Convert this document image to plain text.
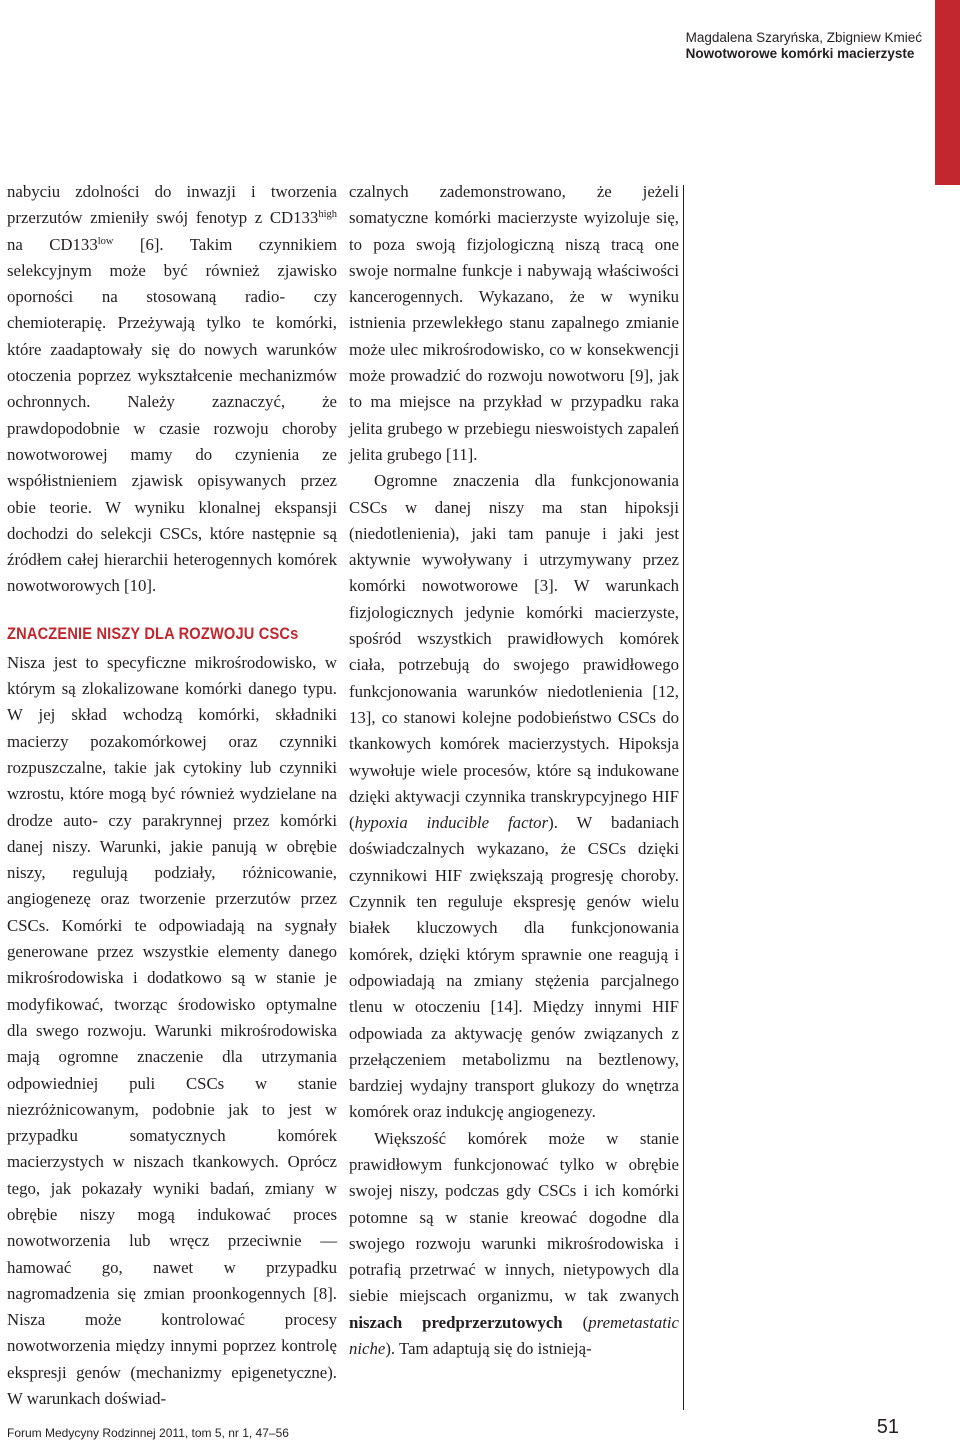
Magdalena Szaryńska, Zbigniew Kmieć
Nowotworowe komórki macierzyste

nabyciu zdolności do inwazji i tworzenia przerzutów zmieniły swój fenotyp z $CD133^{high}$ na $CD133^{low}$ [6]. Takim czynnikiem selekcyjnym może być również zjawisko oporności na stosowaną radio- czy chemioterapię. Przeżywają tylko te komórki, które zaadaptowały się do nowych warunków otoczenia poprzez wykształcenie mechanizmów ochronnych. Należy zaznaczyć, że prawdopodobnie w czasie rozwoju choroby nowotworowej mamy do czynienia ze współistnieniem zjawisk opisywanych przez obie teorie. W wyniku klonalnej ekspansji dochodzi do selekcji CSCs, które następnie są źródłem całej hierarchii heterogennych komórek nowotworowych [10].

ZNACZENIE NISZY DLA ROZWOJU CSCs

Nisza jest to specyficzne mikrośrodowisko, w którym są zlokalizowane komórki danego typu. W jej skład wchodzą komórki, składniki macierzy pozakomórkowej oraz czynniki rozpuszczalne, takie jak cytokiny lub czynniki wzrostu, które mogą być również wydzielane na drodze auto- czy parakrynnej przez komórki danej niszy. Warunki, jakie panują w obrębie niszy, regulują podziały, różnicowanie, angiogenezę oraz tworzenie przerzutów przez CSCs. Komórki te odpowiadają na sygnały generowane przez wszystkie elementy danego mikrośrodowiska i dodatkowo są w stanie je modyfikować, tworząc środowisko optymalne dla swego rozwoju. Warunki mikrośrodowiska mają ogromne znaczenie dla utrzymania odpowiedniej puli CSCs w stanie niezróżnicowanym, podobnie jak to jest w przypadku somatycznych komórek macierzystych w niszach tkankowych. Oprócz tego, jak pokazały wyniki badań, zmiany w obrębie niszy mogą indukować proces nowotworzenia lub wręcz przeciwnie — hamować go, nawet w przypadku nagromadzenia się zmian proonkogennych [8]. Nisza może kontrolować procesy nowotworzenia między innymi poprzez kontrolę ekspresji genów (mechanizmy epigenetyczne). W warunkach doświad-

czalnych zademonstrowano, że jeżeli somatyczne komórki macierzyste wyizoluje się, to poza swoją fizjologiczną niszą tracą one swoje normalne funkcje i nabywają właściwości kancerogennych. Wykazano, że w wyniku istnienia przewlekłego stanu zapalnego zmianie może ulec mikrośrodowisko, co w konsekwencji może prowadzić do rozwoju nowotworu [9], jak to ma miejsce na przykład w przypadku raka jelita grubego w przebiegu nieswoistych zapaleń jelita grubego [11].

Ogromne znaczenia dla funkcjonowania CSCs w danej niszy ma stan hipoksji (niedotlenienia), jaki tam panuje i jaki jest aktywnie wywoływany i utrzymywany przez komórki nowotworowe [3]. W warunkach fizjologicznych jedynie komórki macierzyste, spośród wszystkich prawidłowych komórek ciała, potrzebują do swojego prawidłowego funkcjonowania warunków niedotlenienia [12, 13], co stanowi kolejne podobieństwo CSCs do tkankowych komórek macierzystych. Hipoksja wywołuje wiele procesów, które są indukowane dzięki aktywacji czynnika transkrypcyjnego HIF (hypoxia inducible factor). W badaniach doświadczalnych wykazano, że CSCs dzięki czynnikowi HIF zwiększają progresję choroby. Czynnik ten reguluje ekspresję genów wielu białek kluczowych dla funkcjonowania komórek, dzięki którym sprawnie one reagują i odpowiadają na zmiany stężenia parcjalnego tlenu w otoczeniu [14]. Między innymi HIF odpowiada za aktywację genów związanych z przełączeniem metabolizmu na beztlenowy, bardziej wydajny transport glukozy do wnętrza komórek oraz indukcję angiogenezy.

Większość komórek może w stanie prawidłowym funkcjonować tylko w obrębie swojej niszy, podczas gdy CSCs i ich komórki potomne są w stanie kreować dogodne dla swojego rozwoju warunki mikrośrodowiska i potrafią przetrwać w innych, nietypowych dla siebie miejscach organizmu, w tak zwanych niszach predprzerzutowych (premetastatic niche). Tam adaptują się do istnieją-

Forum Medycyny Rodzinnej 2011, tom 5, nr 1, 47–56	51
